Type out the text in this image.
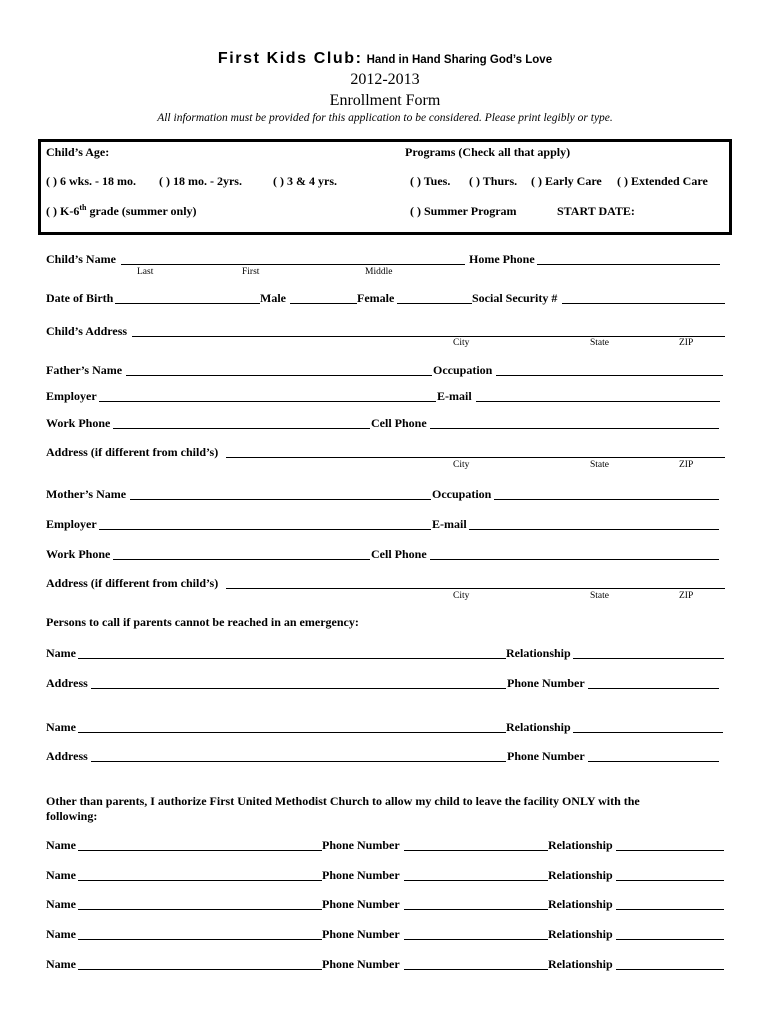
First Kids Club: Hand in Hand Sharing God’s Love
2012-2013
Enrollment Form
All information must be provided for this application to be considered. Please print legibly or type.
Child’s Age:	Programs (Check all that apply)
( ) 6 wks. - 18 mo. ( ) 18 mo. - 2yrs.	( ) 3 & 4 yrs.	( ) Tues. ( ) Thurs. ( ) Early Care ( ) Extended Care
( ) K-6th grade (summer only)	( ) Summer Program	START DATE:
Child’s Name	Home Phone
Last	First	Middle
Date of Birth	Male	Female	Social Security #
Child’s Address
City	State	ZIP
Father’s Name	Occupation
Employer	E-mail
Work Phone	Cell Phone
Address (if different from child’s)
City	State	ZIP
Mother’s Name	Occupation
Employer	E-mail
Work Phone	Cell Phone
Address (if different from child’s)
City	State	ZIP
Persons to call if parents cannot be reached in an emergency:
Name	Relationship
Address	Phone Number
Name	Relationship
Address	Phone Number
Other than parents, I authorize First United Methodist Church to allow my child to leave the facility ONLY with the
following:
Name	Phone Number	Relationship
Name	Phone Number	Relationship
Name	Phone Number	Relationship
Name	Phone Number	Relationship
Name	Phone Number	Relationship
